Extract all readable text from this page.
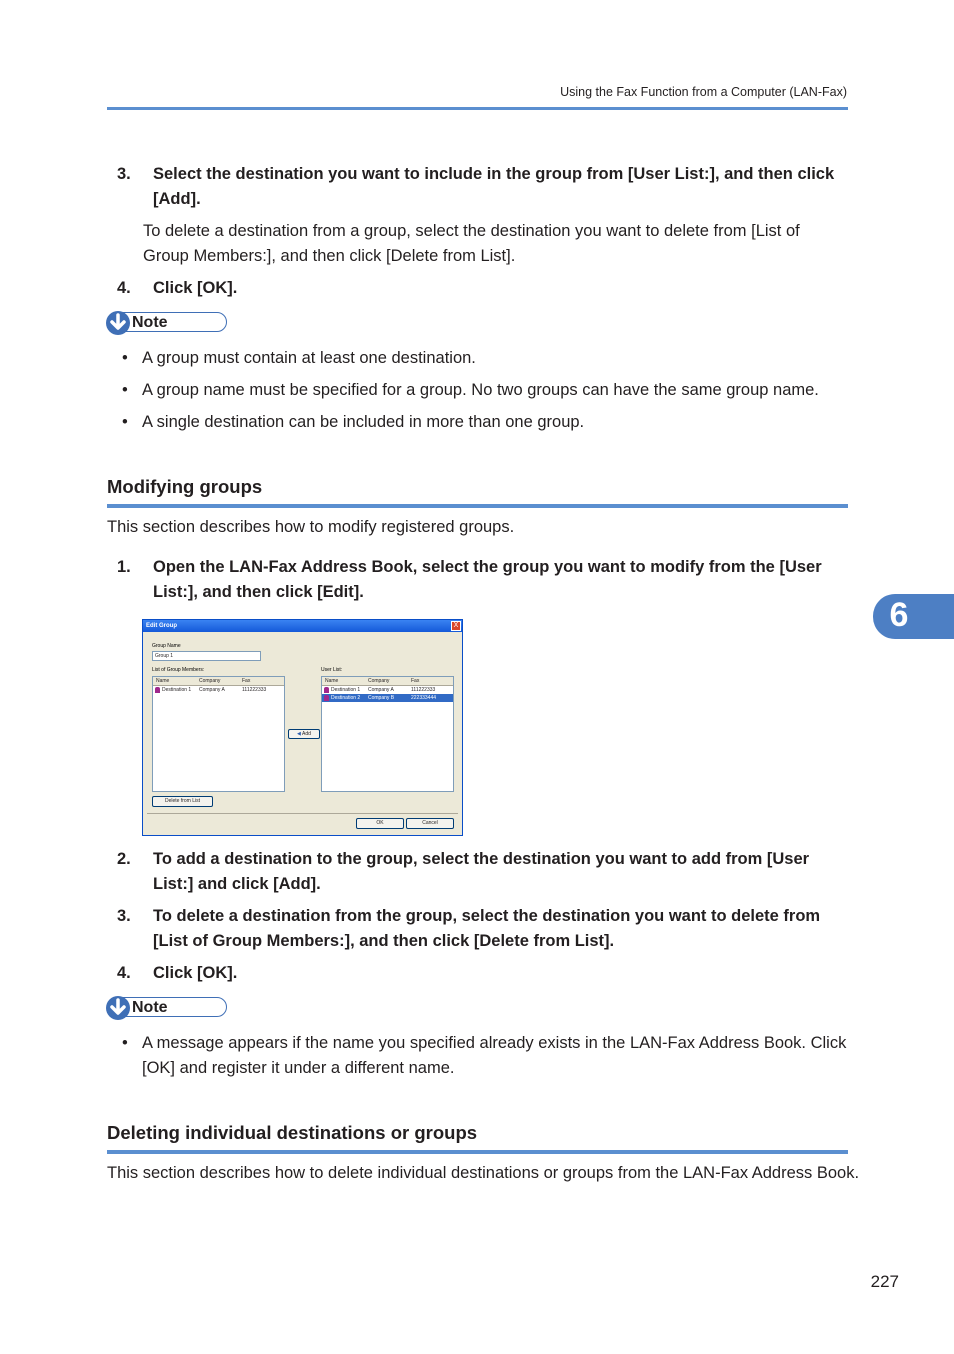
Using the Fax Function from a Computer (LAN-Fax)
3. Select the destination you want to include in the group from [User List:], and then click [Add].
To delete a destination from a group, select the destination you want to delete from [List of Group Members:], and then click [Delete from List].
4. Click [OK].
Note
• A group must contain at least one destination.
• A group name must be specified for a group. No two groups can have the same group name.
• A single destination can be included in more than one group.
Modifying groups
This section describes how to modify registered groups.
1. Open the LAN-Fax Address Book, select the group you want to modify from the [User List:], and then click [Edit].
Edit Group	X
Group Name
Group 1
List of Group Members:	User List:
Name	Company	Fax
Destination 1 Company A	111222333
◀ Add
Name	Company	Fax
Destination 1 Company A	111222333
Destination 2 Company B	222333444
Delete from List
OK	Cancel
2. To add a destination to the group, select the destination you want to add from [User List:] and click [Add].
3. To delete a destination from the group, select the destination you want to delete from [List of Group Members:], and then click [Delete from List].
4. Click [OK].
Note
• A message appears if the name you specified already exists in the LAN-Fax Address Book. Click [OK] and register it under a different name.
Deleting individual destinations or groups
This section describes how to delete individual destinations or groups from the LAN-Fax Address Book.
6
227
